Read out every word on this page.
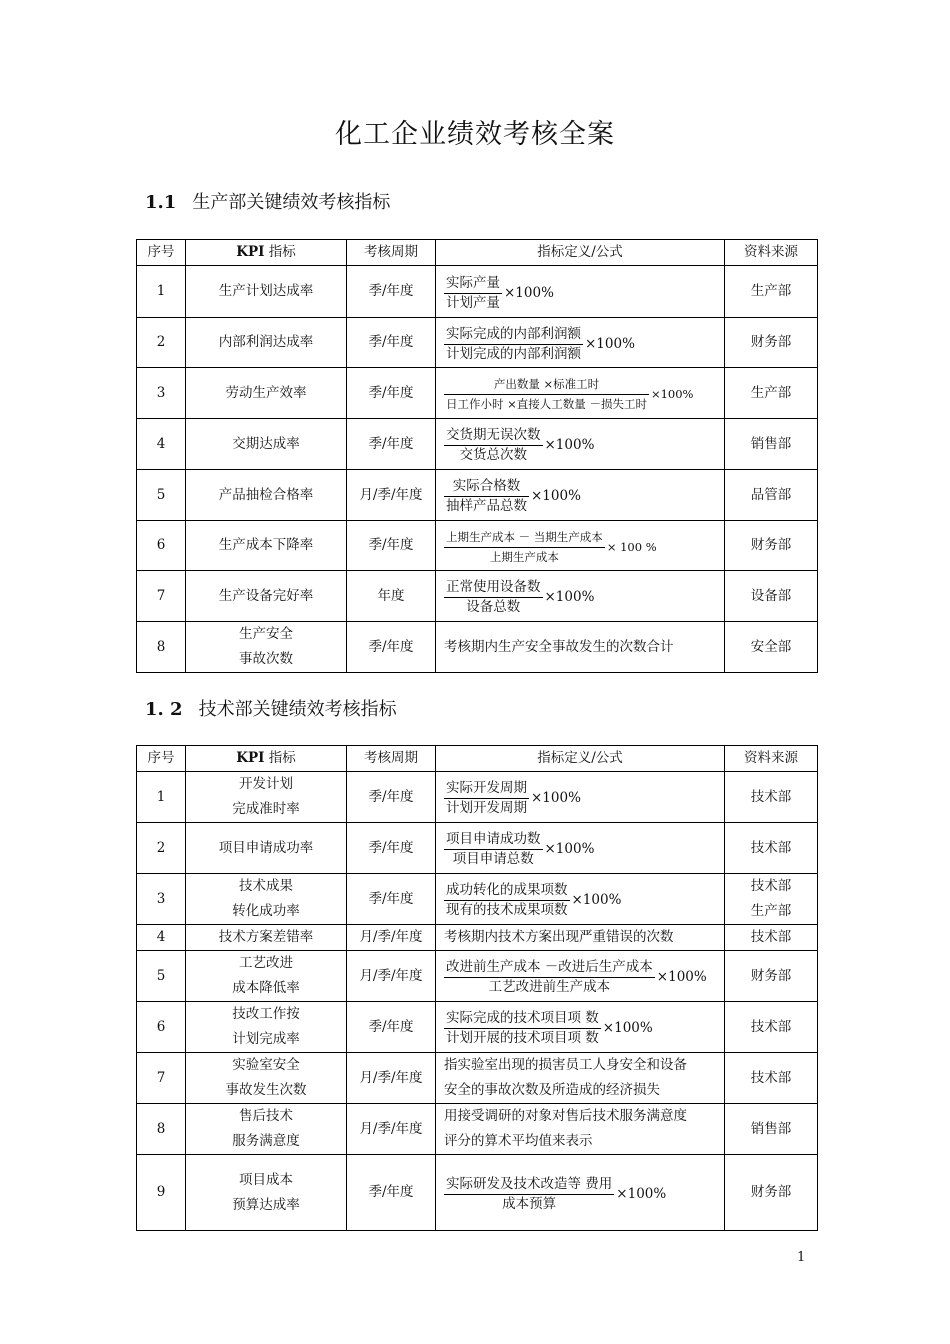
化工企业绩效考核全案
1.1 生产部关键绩效考核指标
序号	KPI 指标	考核周期	指标定义/公式	资料来源
1	生产计划达成率	季/年度	实际产量
计划产量
×100%	生产部
2	内部利润达成率	季/年度	实际完成的内部利润额
计划完成的内部利润额
×100%	财务部
3	劳动生产效率	季/年度	产出数量 ×标准工时
日工作小时 ×直接人工数量 －损失工时
×100%	生产部
4	交期达成率	季/年度	交货期无误次数
交货总次数
×100%	销售部
5	产品抽检合格率	月/季/年度	实际合格数
抽样产品总数
×100%	品管部
6	生产成本下降率	季/年度	上期生产成本 － 当期生产成本
上期生产成本
× 100 %	财务部
7	生产设备完好率	年度	正常使用设备数
设备总数
×100%	设备部
8	生产安全
事故次数	季/年度	考核期内生产安全事故发生的次数合计	安全部
1. 2 技术部关键绩效考核指标
序号	KPI 指标	考核周期	指标定义/公式	资料来源
1	开发计划
完成准时率	季/年度	实际开发周期
计划开发周期
×100%	技术部
2	项目申请成功率	季/年度	项目申请成功数
项目申请总数
×100%	技术部
3	技术成果
转化成功率	季/年度	成功转化的成果项数
现有的技术成果项数
×100%	技术部
生产部

4	技术方案差错率	月/季/年度	考核期内技术方案出现严重错误的次数	技术部
5	工艺改进
成本降低率	月/季/年度	改进前生产成本 －改进后生产成本
工艺改进前生产成本
×100%	财务部
6	技改工作按
计划完成率	季/年度	实际完成的技术项目项 数
计划开展的技术项目项 数
×100%	技术部
7	实验室安全
事故发生次数	月/季/年度	指实验室出现的损害员工人身安全和设备
安全的事故次数及所造成的经济损失	技术部
8	售后技术
服务满意度	月/季/年度	用接受调研的对象对售后技术服务满意度
评分的算术平均值来表示	销售部
9	项目成本
预算达成率	季/年度	实际研发及技术改造等 费用
成本预算
×100%	财务部
1
